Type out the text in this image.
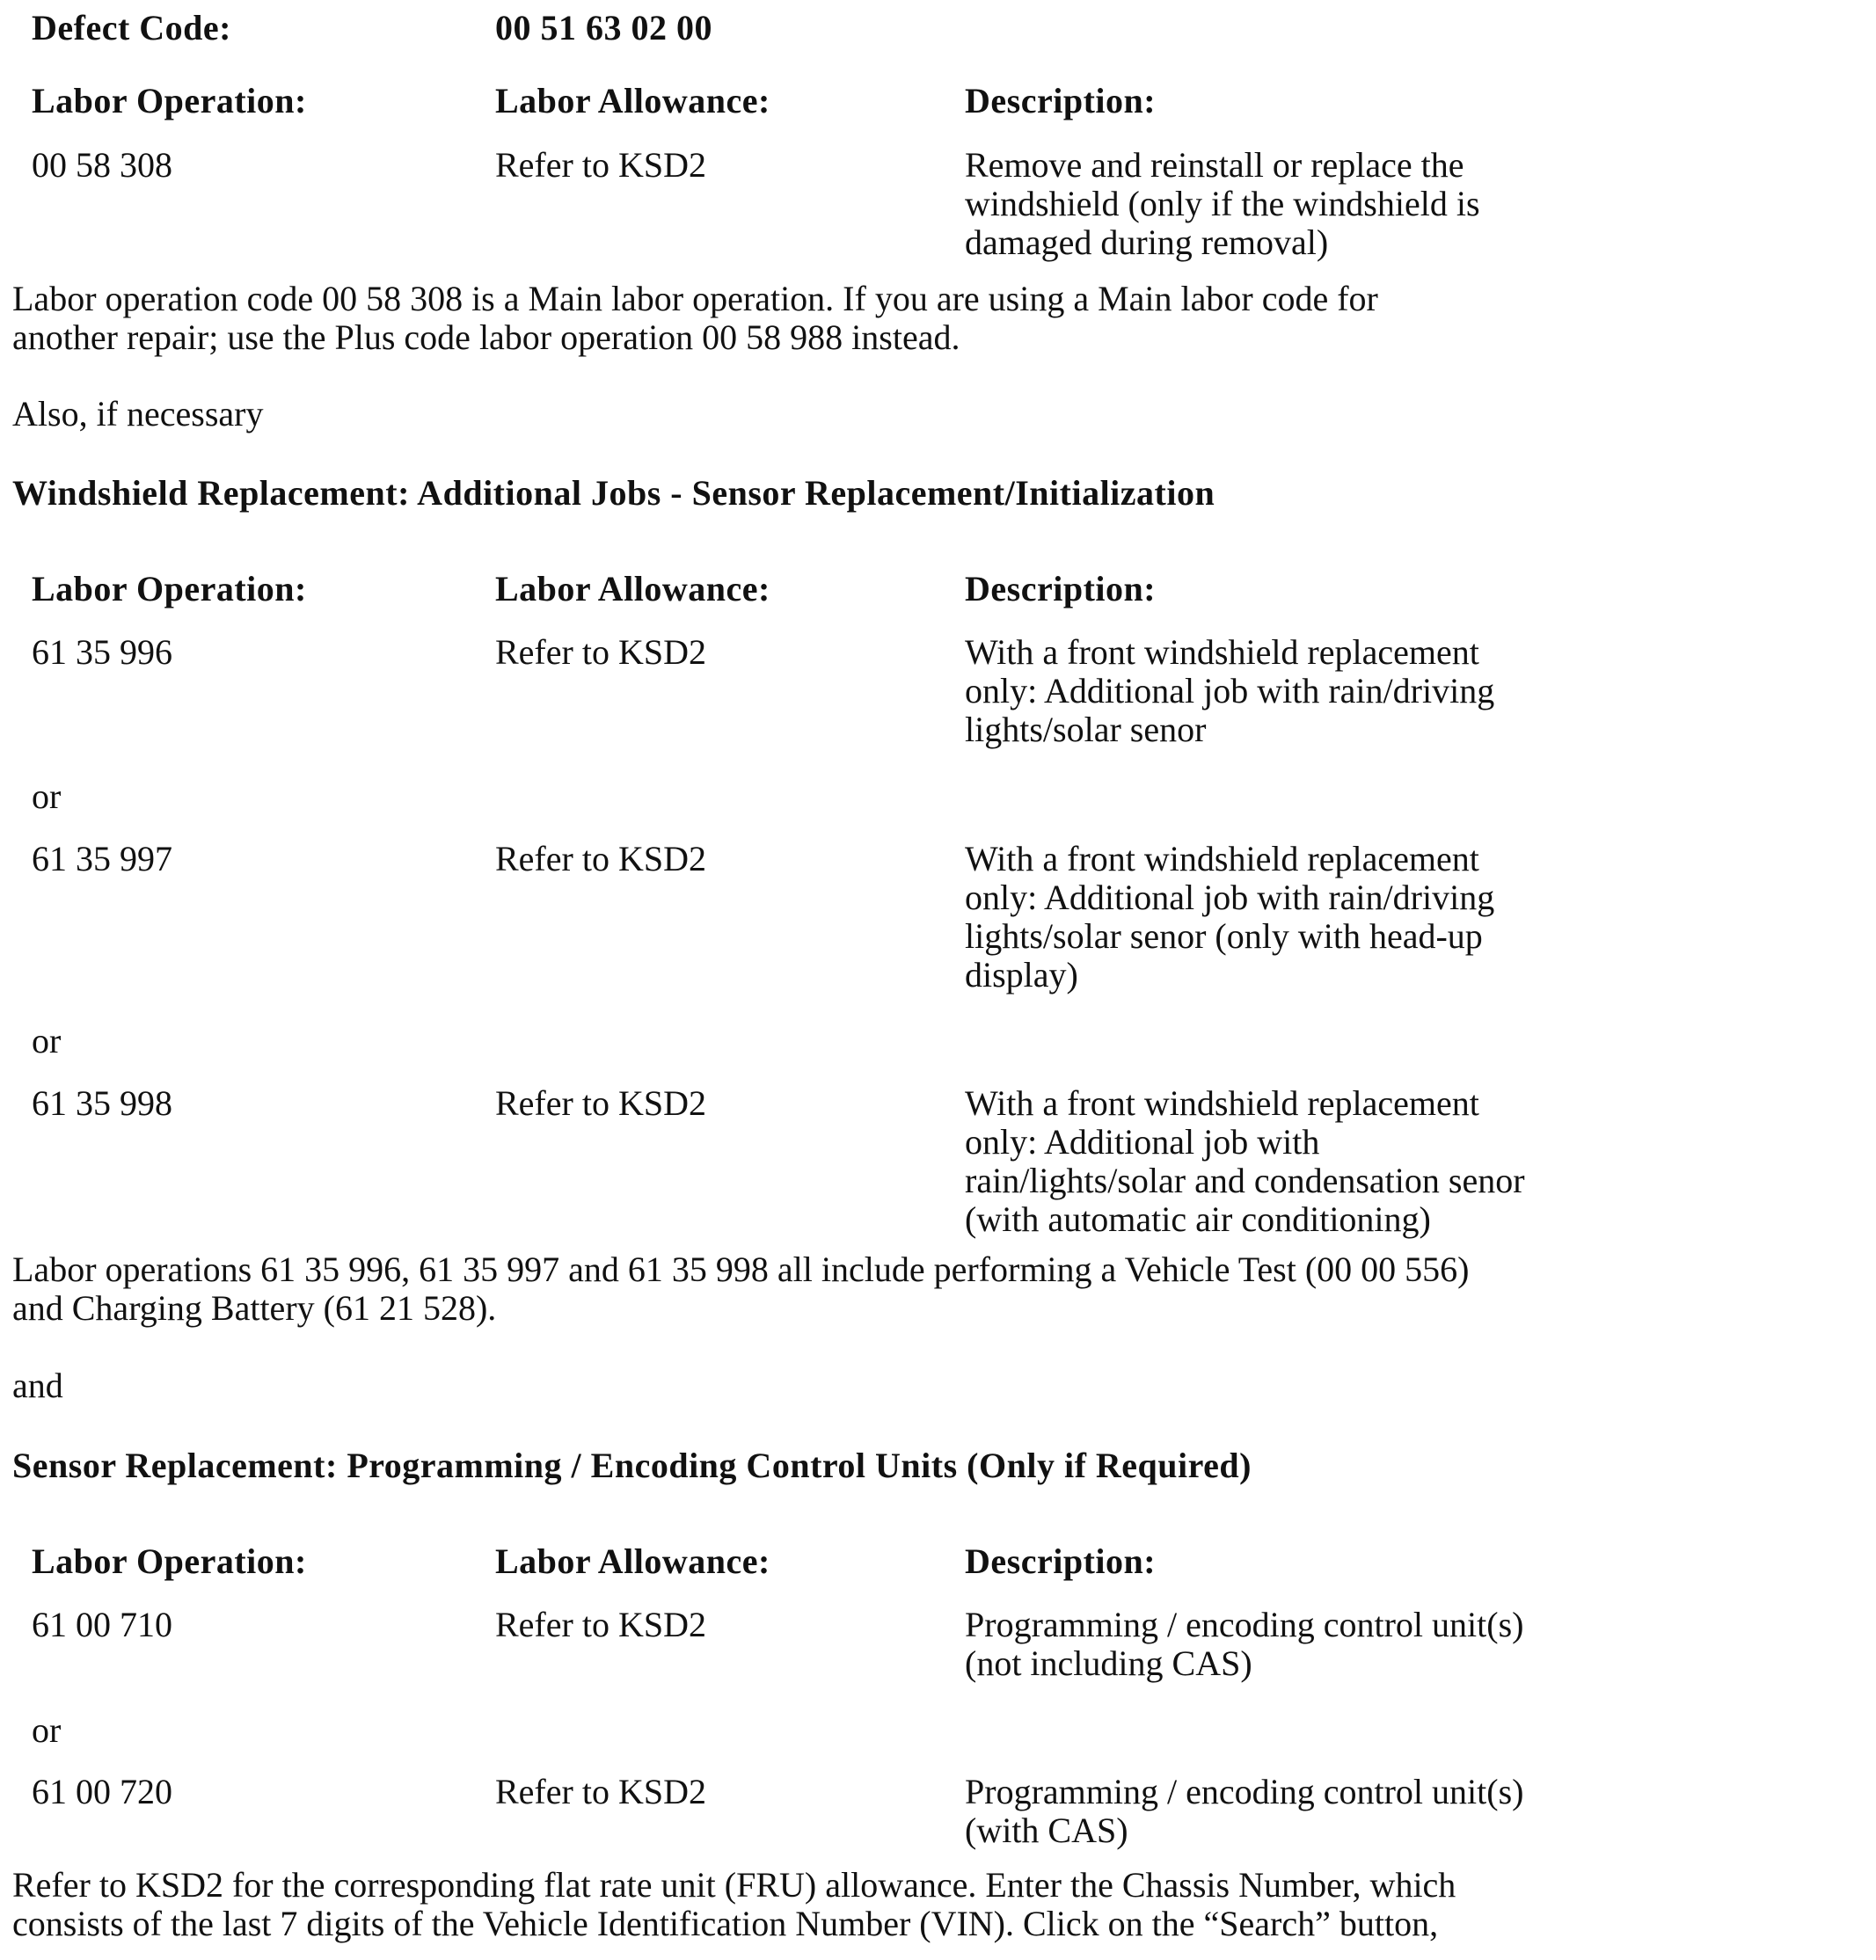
Defect Code:	00 51 63 02 00
Labor Operation:	Labor Allowance:	Description:
00 58 308	Refer to KSD2	Remove and reinstall or replace the
windshield (only if the windshield is
damaged during removal)
Labor operation code 00 58 308 is a Main labor operation. If you are using a Main labor code for
another repair; use the Plus code labor operation 00 58 988 instead.
Also, if necessary
Windshield Replacement: Additional Jobs - Sensor Replacement/Initialization
Labor Operation:	Labor Allowance:	Description:
61 35 996	Refer to KSD2	With a front windshield replacement
only: Additional job with rain/driving
lights/solar senor
or
61 35 997	Refer to KSD2	With a front windshield replacement
only: Additional job with rain/driving
lights/solar senor (only with head-up
display)
or
61 35 998	Refer to KSD2	With a front windshield replacement
only: Additional job with
rain/lights/solar and condensation senor
(with automatic air conditioning)
Labor operations 61 35 996, 61 35 997 and 61 35 998 all include performing a Vehicle Test (00 00 556)
and Charging Battery (61 21 528).
and
Sensor Replacement: Programming / Encoding Control Units (Only if Required)
Labor Operation:	Labor Allowance:	Description:
61 00 710	Refer to KSD2	Programming / encoding control unit(s)
(not including CAS)
or
61 00 720	Refer to KSD2	Programming / encoding control unit(s)
(with CAS)
Refer to KSD2 for the corresponding flat rate unit (FRU) allowance. Enter the Chassis Number, which
consists of the last 7 digits of the Vehicle Identification Number (VIN). Click on the “Search” button,
